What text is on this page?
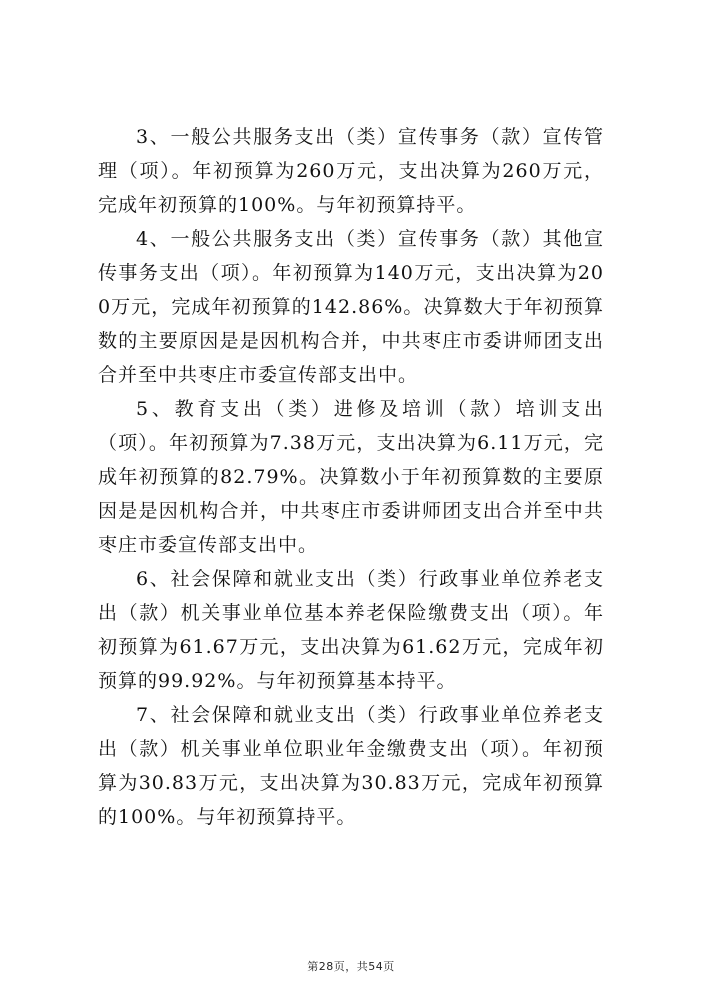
3、一般公共服务支出（类）宣传事务（款）宣传管理（项）。年初预算为260万元，支出决算为260万元，完成年初预算的100%。与年初预算持平。

4、一般公共服务支出（类）宣传事务（款）其他宣传事务支出（项）。年初预算为140万元，支出决算为200万元，完成年初预算的142.86%。决算数大于年初预算数的主要原因是是因机构合并，中共枣庄市委讲师团支出合并至中共枣庄市委宣传部支出中。

5、教育支出（类）进修及培训（款）培训支出（项）。年初预算为7.38万元，支出决算为6.11万元，完成年初预算的82.79%。决算数小于年初预算数的主要原因是是因机构合并，中共枣庄市委讲师团支出合并至中共枣庄市委宣传部支出中。

6、社会保障和就业支出（类）行政事业单位养老支出（款）机关事业单位基本养老保险缴费支出（项）。年初预算为61.67万元，支出决算为61.62万元，完成年初预算的99.92%。与年初预算基本持平。

7、社会保障和就业支出（类）行政事业单位养老支出（款）机关事业单位职业年金缴费支出（项）。年初预算为30.83万元，支出决算为30.83万元，完成年初预算的100%。与年初预算持平。

第28页，共54页
